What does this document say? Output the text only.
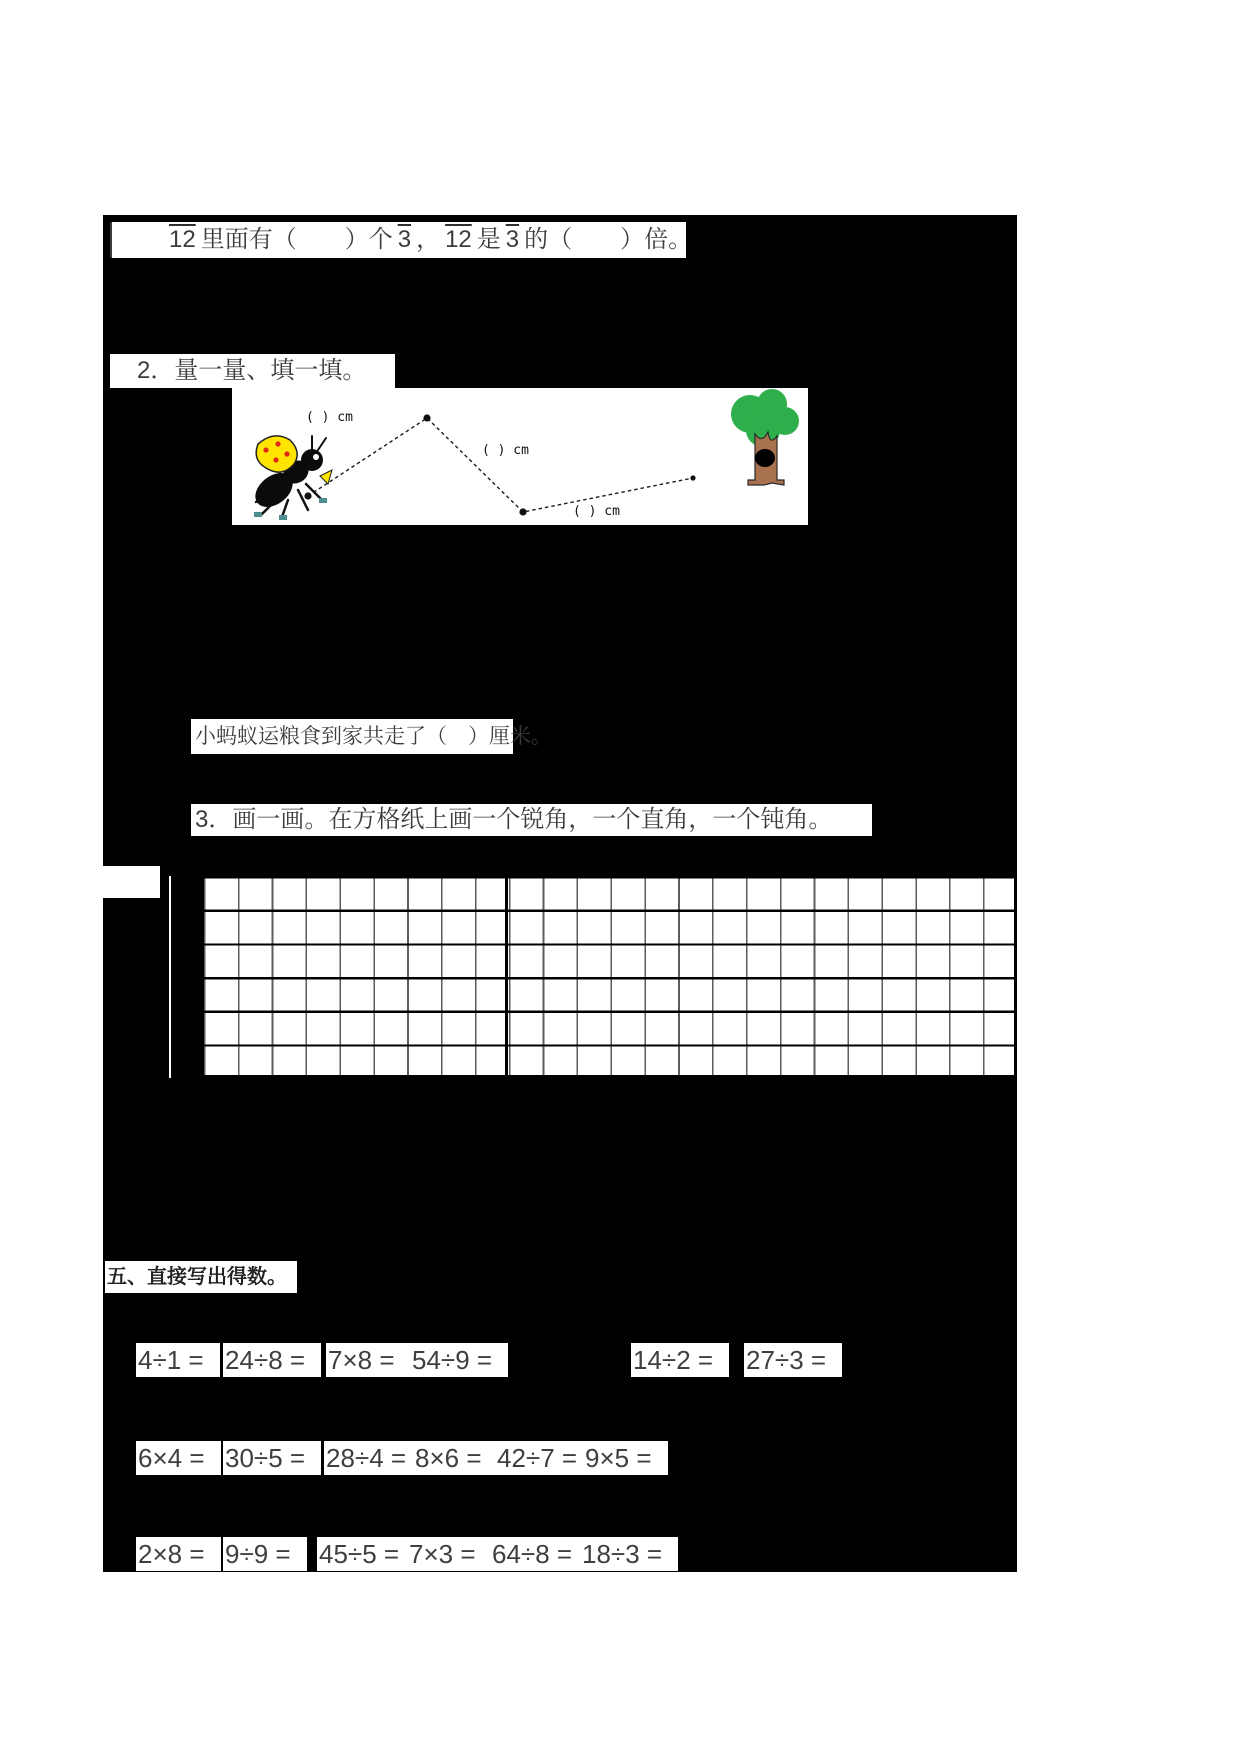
12 里面有（　　）个 3 ， 12 是 3 的（　　）倍。
2．量一量、填一填。
( ) cm
( ) cm
( ) cm
小蚂蚁运粮食到家共走了（　）厘米。
3．画一画。在方格纸上画一个锐角，一个直角，一个钝角。
五、直接写出得数。
4÷1 = 24÷8 = 7×8 = 54÷9 =	14÷2 =	27÷3 =
6×4 = 30÷5 = 28÷4 = 8×6 = 42÷7 = 9×5 =
2×8 = 9÷9 =	45÷5 = 7×3 = 64÷8 = 18÷3 =
